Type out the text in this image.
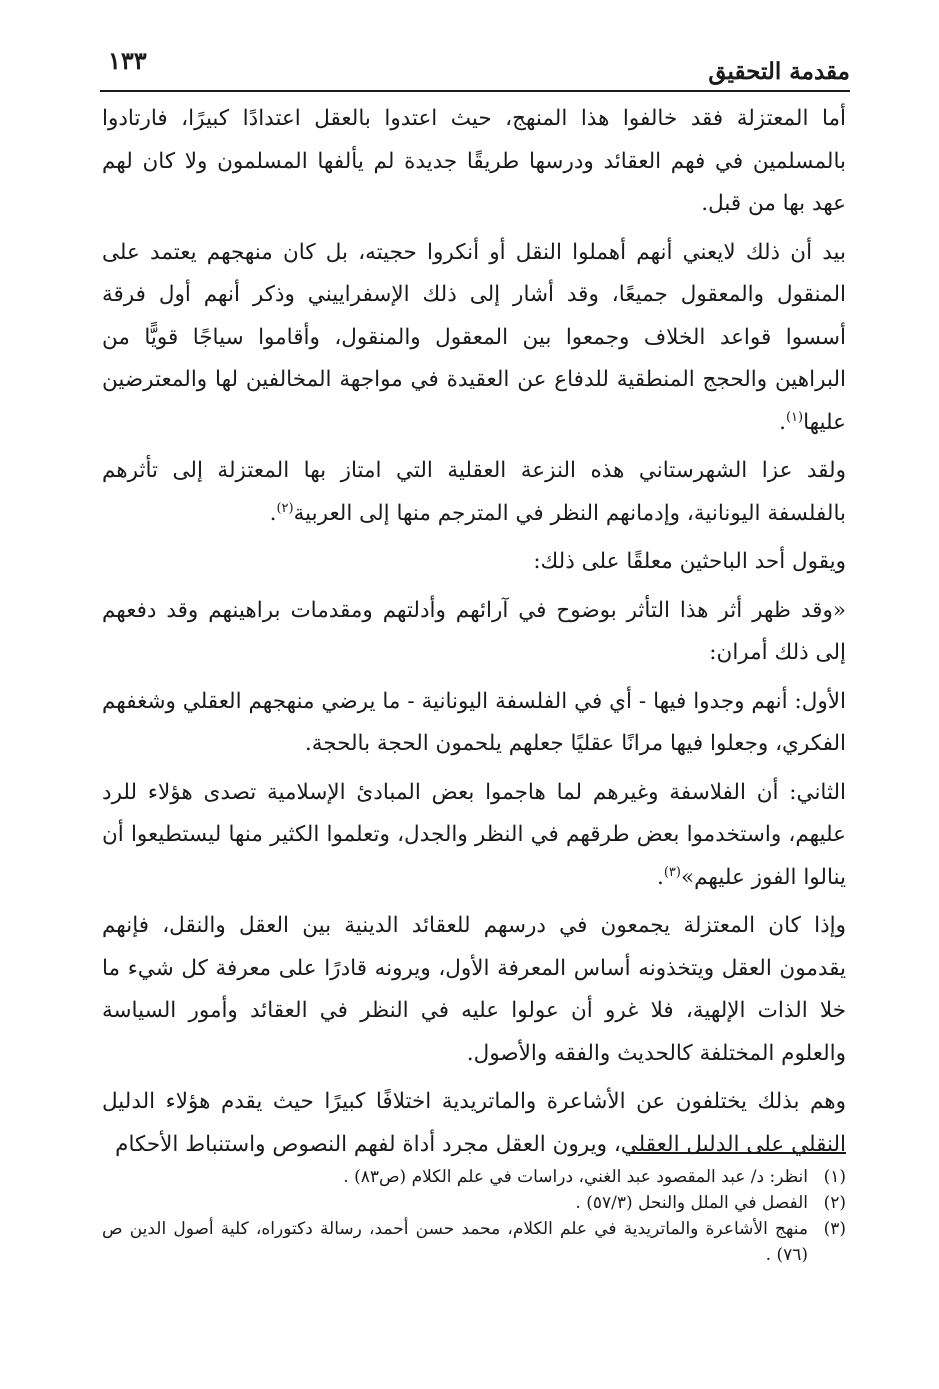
١٣٣	مقدمة التحقيق

أما المعتزلة فقد خالفوا هذا المنهج، حيث اعتدوا بالعقل اعتدادًا كبيرًا، فارتادوا بالمسلمين في فهم العقائد ودرسها طريقًا جديدة لم يألفها المسلمون ولا كان لهم عهد بها من قبل.

بيد أن ذلك لايعني أنهم أهملوا النقل أو أنكروا حجيته، بل كان منهجهم يعتمد على المنقول والمعقول جميعًا، وقد أشار إلى ذلك الإسفراييني وذكر أنهم أول فرقة أسسوا قواعد الخلاف وجمعوا بين المعقول والمنقول، وأقاموا سياجًا قويًّا من البراهين والحجج المنطقية للدفاع عن العقيدة في مواجهة المخالفين لها والمعترضين عليها$^{(١)}$.

ولقد عزا الشهرستاني هذه النزعة العقلية التي امتاز بها المعتزلة إلى تأثرهم بالفلسفة اليونانية، وإدمانهم النظر في المترجم منها إلى العربية$^{(٢)}$.

ويقول أحد الباحثين معلقًا على ذلك:

«وقد ظهر أثر هذا التأثر بوضوح في آرائهم وأدلتهم ومقدمات براهينهم وقد دفعهم إلى ذلك أمران:

الأول: أنهم وجدوا فيها - أي في الفلسفة اليونانية - ما يرضي منهجهم العقلي وشغفهم الفكري، وجعلوا فيها مرانًا عقليًا جعلهم يلحمون الحجة بالحجة.

الثاني: أن الفلاسفة وغيرهم لما هاجموا بعض المبادئ الإسلامية تصدى هؤلاء للرد عليهم، واستخدموا بعض طرقهم في النظر والجدل، وتعلموا الكثير منها ليستطيعوا أن ينالوا الفوز عليهم»$^{(٣)}$.

وإذا كان المعتزلة يجمعون في درسهم للعقائد الدينية بين العقل والنقل، فإنهم يقدمون العقل ويتخذونه أساس المعرفة الأول، ويرونه قادرًا على معرفة كل شيء ما خلا الذات الإلهية، فلا غرو أن عولوا عليه في النظر في العقائد وأمور السياسة والعلوم المختلفة كالحديث والفقه والأصول.

وهم بذلك يختلفون عن الأشاعرة والماتريدية اختلافًا كبيرًا حيث يقدم هؤلاء الدليل النقلي على الدليل العقلي، ويرون العقل مجرد أداة لفهم النصوص واستنباط الأحكام

(١)
انظر: د/ عبد المقصود عبد الغني، دراسات في علم الكلام (ص٨٣) .

(٢)
الفصل في الملل والنحل (٥٧/٣) .

(٣)
منهج الأشاعرة والماتريدية في علم الكلام، محمد حسن أحمد، رسالة دكتوراه، كلية أصول الدين ص (٧٦) .
